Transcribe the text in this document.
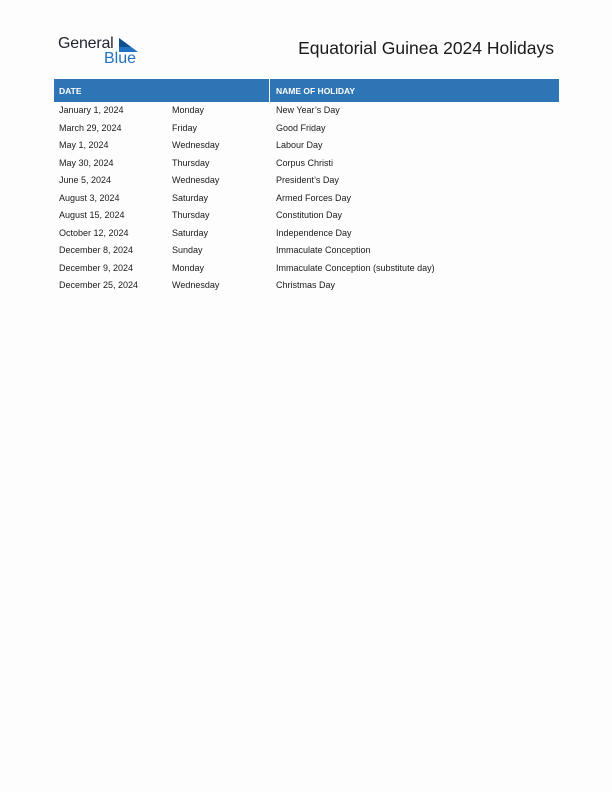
General
Blue
Equatorial Guinea 2024 Holidays
DATE	NAME OF HOLIDAY
January 1, 2024	Monday	New Year’s Day
March 29, 2024	Friday	Good Friday
May 1, 2024	Wednesday	Labour Day
May 30, 2024	Thursday	Corpus Christi
June 5, 2024	Wednesday	President’s Day
August 3, 2024	Saturday	Armed Forces Day
August 15, 2024	Thursday	Constitution Day
October 12, 2024	Saturday	Independence Day
December 8, 2024	Sunday	Immaculate Conception
December 9, 2024	Monday	Immaculate Conception (substitute day)
December 25, 2024	Wednesday	Christmas Day
